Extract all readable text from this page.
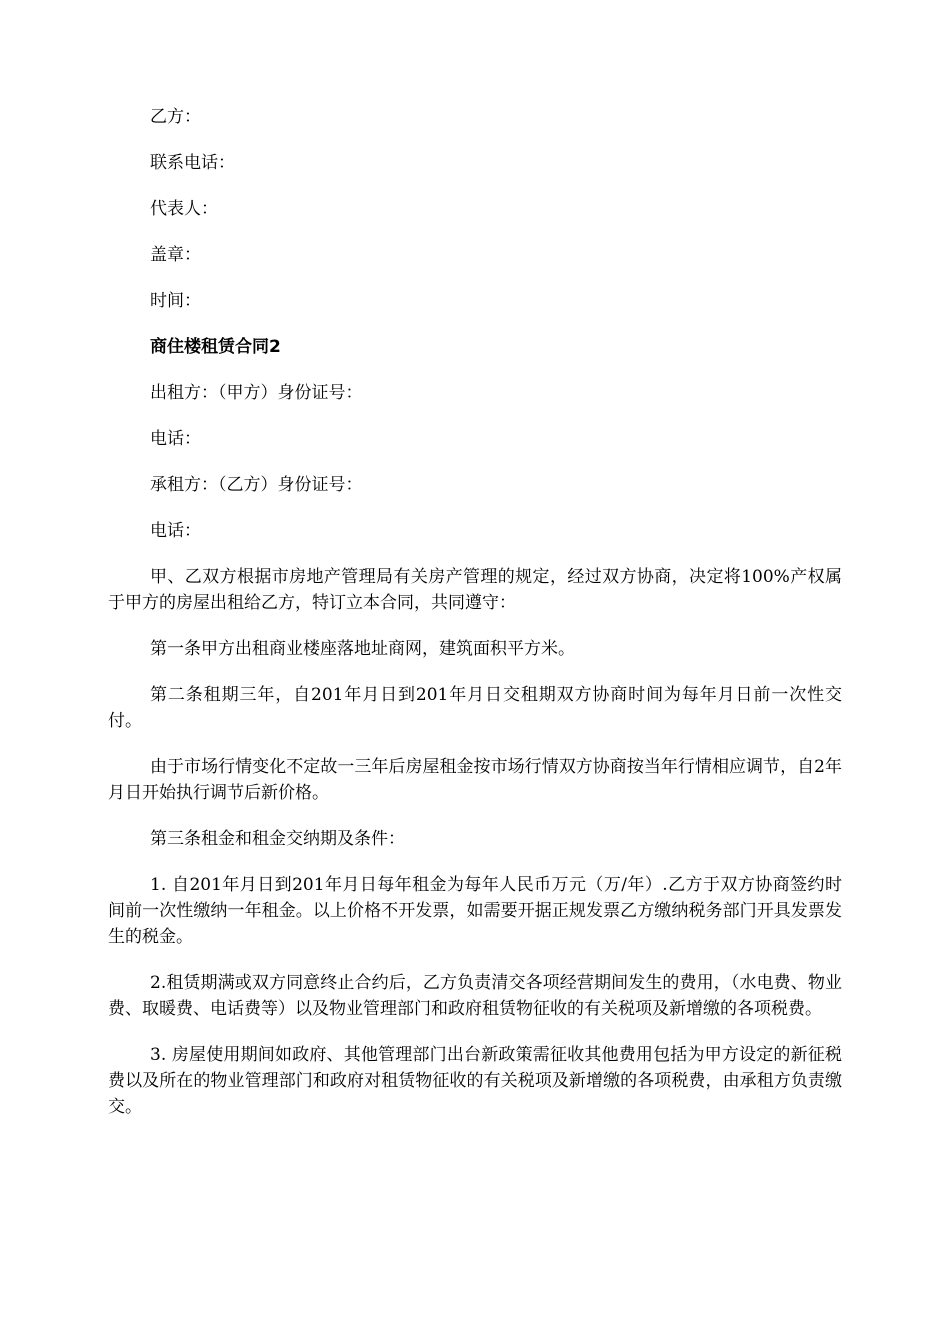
乙方：

联系电话：

代表人：

盖章：

时间：

商住楼租赁合同2

出租方：（甲方）身份证号：

电话：

承租方：（乙方）身份证号：

电话：

甲、乙双方根据市房地产管理局有关房产管理的规定，经过双方协商，决定将100%产权属于甲方的房屋出租给乙方，特订立本合同，共同遵守：

第一条甲方出租商业楼座落地址商网，建筑面积平方米。

第二条租期三年，自201年月日到201年月日交租期双方协商时间为每年月日前一次性交付。

由于市场行情变化不定故一三年后房屋租金按市场行情双方协商按当年行情相应调节，自2年月日开始执行调节后新价格。

第三条租金和租金交纳期及条件：

1. 自201年月日到201年月日每年租金为每年人民币万元（万/年）.乙方于双方协商签约时间前一次性缴纳一年租金。以上价格不开发票，如需要开据正规发票乙方缴纳税务部门开具发票发生的税金。

2.租赁期满或双方同意终止合约后，乙方负责清交各项经营期间发生的费用，（水电费、物业费、取暖费、电话费等）以及物业管理部门和政府租赁物征收的有关税项及新增缴的各项税费。

3. 房屋使用期间如政府、其他管理部门出台新政策需征收其他费用包括为甲方设定的新征税费以及所在的物业管理部门和政府对租赁物征收的有关税项及新增缴的各项税费，由承租方负责缴交。
